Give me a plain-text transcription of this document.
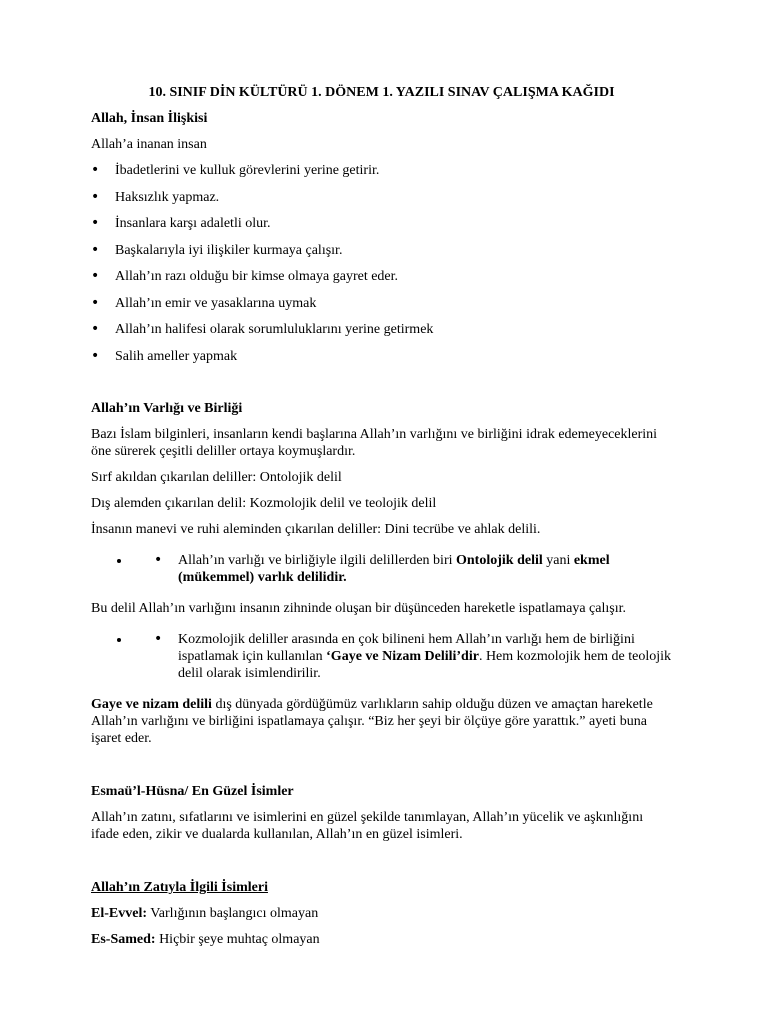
10. SINIF DİN KÜLTÜRÜ 1. DÖNEM 1. YAZILI SINAV ÇALIŞMA KAĞIDI
Allah, İnsan İlişkisi
Allah’a inanan insan
• İbadetlerini ve kulluk görevlerini yerine getirir.
• Haksızlık yapmaz.
• İnsanlara karşı adaletli olur.
• Başkalarıyla iyi ilişkiler kurmaya çalışır.
• Allah’ın razı olduğu bir kimse olmaya gayret eder.
• Allah’ın emir ve yasaklarına uymak
• Allah’ın halifesi olarak sorumluluklarını yerine getirmek
• Salih ameller yapmak
Allah’ın Varlığı ve Birliği
Bazı İslam bilginleri, insanların kendi başlarına Allah’ın varlığını ve birliğini idrak edemeyeceklerini öne sürerek çeşitli deliller ortaya koymuşlardır.
Sırf akıldan çıkarılan deliller: Ontolojik delil
Dış alemden çıkarılan delil: Kozmolojik delil ve teolojik delil
İnsanın manevi ve ruhi aleminden çıkarılan deliller: Dini tecrübe ve ahlak delili.
• • Allah’ın varlığı ve birliğiyle ilgili delillerden biri Ontolojik delil yani ekmel (mükemmel) varlık delilidir.
Bu delil Allah’ın varlığını insanın zihninde oluşan bir düşünceden hareketle ispatlamaya çalışır.
• • Kozmolojik deliller arasında en çok bilineni hem Allah’ın varlığı hem de birliğini ispatlamak için kullanılan ‘Gaye ve Nizam Delili’dir. Hem kozmolojik hem de teolojik delil olarak isimlendirilir.
Gaye ve nizam delili dış dünyada gördüğümüz varlıkların sahip olduğu düzen ve amaçtan hareketle Allah’ın varlığını ve birliğini ispatlamaya çalışır. “Biz her şeyi bir ölçüye göre yarattık.” ayeti buna işaret eder.
Esmaü’l-Hüsna/ En Güzel İsimler
Allah’ın zatını, sıfatlarını ve isimlerini en güzel şekilde tanımlayan, Allah’ın yücelik ve aşkınlığını ifade eden, zikir ve dualarda kullanılan, Allah’ın en güzel isimleri.
Allah’ın Zatıyla İlgili İsimleri
El-Evvel: Varlığının başlangıcı olmayan
Es-Samed: Hiçbir şeye muhtaç olmayan
